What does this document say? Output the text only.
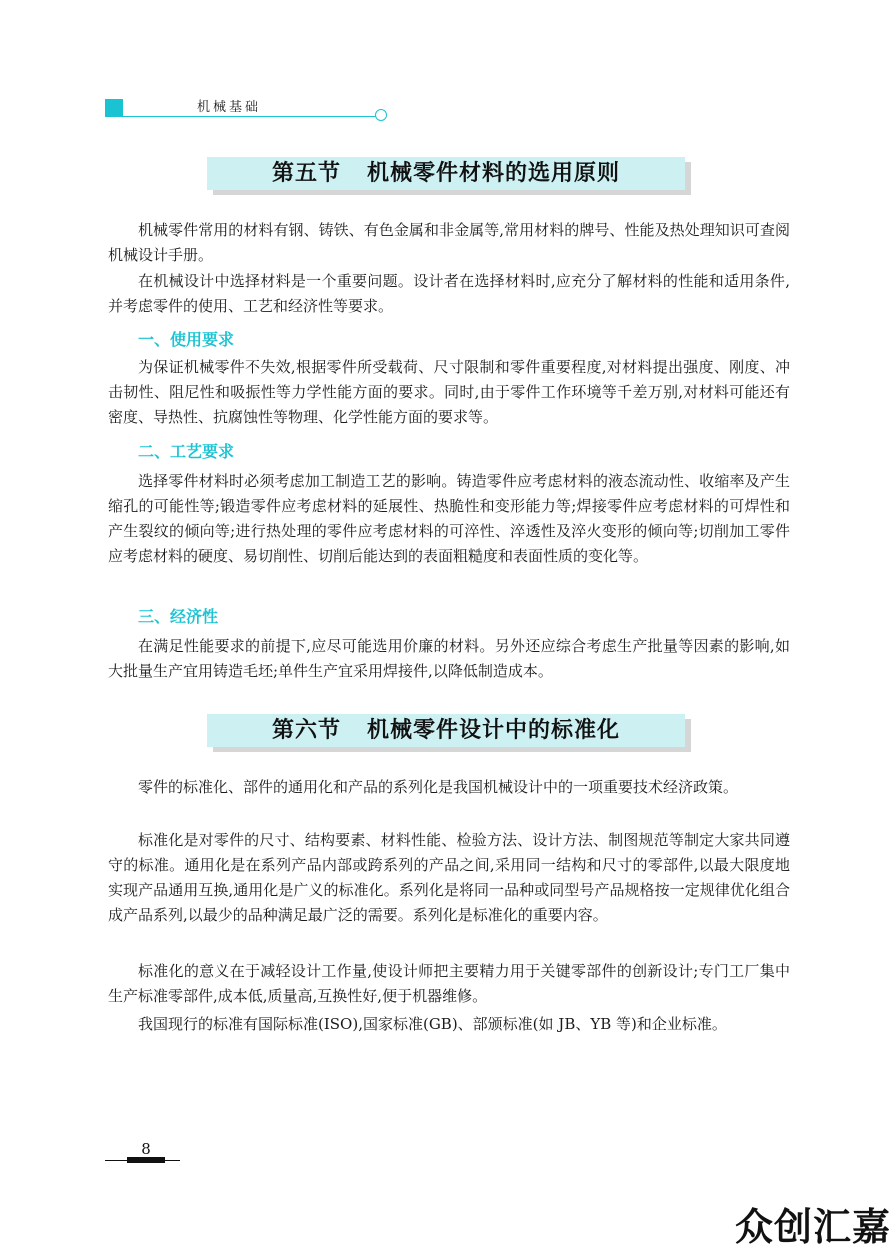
机械基础
第五节   机械零件材料的选用原则

机械零件常用的材料有钢、铸铁、有色金属和非金属等,常用材料的牌号、性能及热处理知识可查阅机械设计手册。

在机械设计中选择材料是一个重要问题。设计者在选择材料时,应充分了解材料的性能和适用条件,并考虑零件的使用、工艺和经济性等要求。

一、使用要求

为保证机械零件不失效,根据零件所受载荷、尺寸限制和零件重要程度,对材料提出强度、刚度、冲击韧性、阻尼性和吸振性等力学性能方面的要求。同时,由于零件工作环境等千差万别,对材料可能还有密度、导热性、抗腐蚀性等物理、化学性能方面的要求等。

二、工艺要求

选择零件材料时必须考虑加工制造工艺的影响。铸造零件应考虑材料的液态流动性、收缩率及产生缩孔的可能性等;锻造零件应考虑材料的延展性、热脆性和变形能力等;焊接零件应考虑材料的可焊性和产生裂纹的倾向等;进行热处理的零件应考虑材料的可淬性、淬透性及淬火变形的倾向等;切削加工零件应考虑材料的硬度、易切削性、切削后能达到的表面粗糙度和表面性质的变化等。

三、经济性

在满足性能要求的前提下,应尽可能选用价廉的材料。另外还应综合考虑生产批量等因素的影响,如大批量生产宜用铸造毛坯;单件生产宜采用焊接件,以降低制造成本。

第六节   机械零件设计中的标准化

零件的标准化、部件的通用化和产品的系列化是我国机械设计中的一项重要技术经济政策。

标准化是对零件的尺寸、结构要素、材料性能、检验方法、设计方法、制图规范等制定大家共同遵守的标准。通用化是在系列产品内部或跨系列的产品之间,采用同一结构和尺寸的零部件,以最大限度地实现产品通用互换,通用化是广义的标准化。系列化是将同一品种或同型号产品规格按一定规律优化组合成产品系列,以最少的品种满足最广泛的需要。系列化是标准化的重要内容。

标准化的意义在于减轻设计工作量,使设计师把主要精力用于关键零部件的创新设计;专门工厂集中生产标准零部件,成本低,质量高,互换性好,便于机器维修。

我国现行的标准有国际标准(ISO),国家标准(GB)、部颁标准(如 JB、YB 等)和企业标准。

8
众创汇嘉
